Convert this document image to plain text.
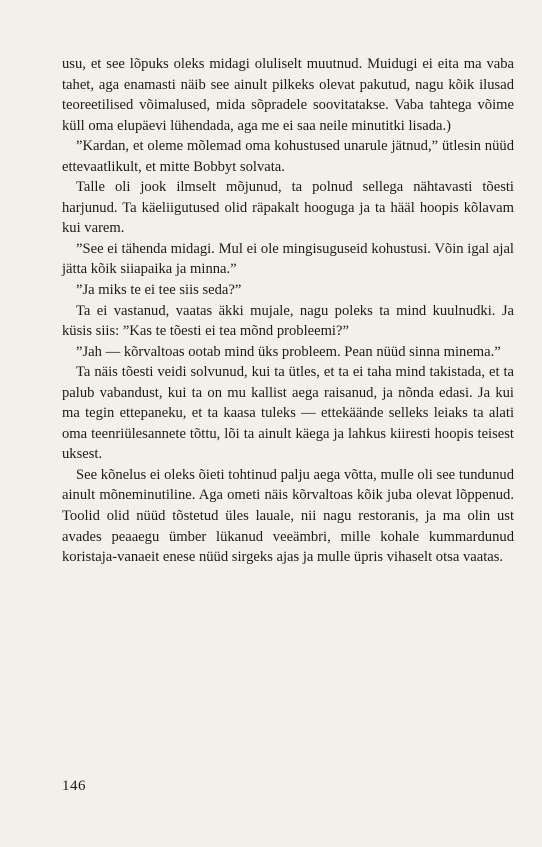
usu, et see lõpuks oleks midagi oluliselt muutnud. Muidugi ei eita ma vaba tahet, aga enamasti näib see ainult pilkeks olevat pakutud, nagu kõik ilusad teoreetilised võimalused, mida sõpradele soovitatakse. Vaba tahtega võime küll oma elupäevi lühendada, aga me ei saa neile minutitki lisada.)

”Kardan, et oleme mõlemad oma kohustused unarule jätnud,” ütlesin nüüd ettevaatlikult, et mitte Bobbyt solvata.

Talle oli jook ilmselt mõjunud, ta polnud sellega nähtavasti tõesti harjunud. Ta käeliigutused olid räpakalt hooguga ja ta hääl hoopis kõlavam kui varem.

”See ei tähenda midagi. Mul ei ole mingisuguseid kohustusi. Võin igal ajal jätta kõik siiapaika ja minna.”

”Ja miks te ei tee siis seda?”

Ta ei vastanud, vaatas äkki mujale, nagu poleks ta mind kuulnudki. Ja küsis siis: ”Kas te tõesti ei tea mõnd probleemi?”

”Jah — kõrvaltoas ootab mind üks probleem. Pean nüüd sinna minema.”

Ta näis tõesti veidi solvunud, kui ta ütles, et ta ei taha mind takistada, et ta palub vabandust, kui ta on mu kallist aega raisanud, ja nõnda edasi. Ja kui ma tegin ettepaneku, et ta kaasa tuleks — ettekäände selleks leiaks ta alati oma teenriülesannete tõttu, lõi ta ainult käega ja lahkus kiiresti hoopis teisest uksest.

See kõnelus ei oleks õieti tohtinud palju aega võtta, mulle oli see tundunud ainult mõneminutiline. Aga ometi näis kõrvaltoas kõik juba olevat lõppenud. Toolid olid nüüd tõstetud üles lauale, nii nagu restoranis, ja ma olin ust avades peaaegu ümber lükanud veeämbri, mille kohale kummardunud koristaja-vanaeit enese nüüd sirgeks ajas ja mulle üpris vihaselt otsa vaatas.

146
